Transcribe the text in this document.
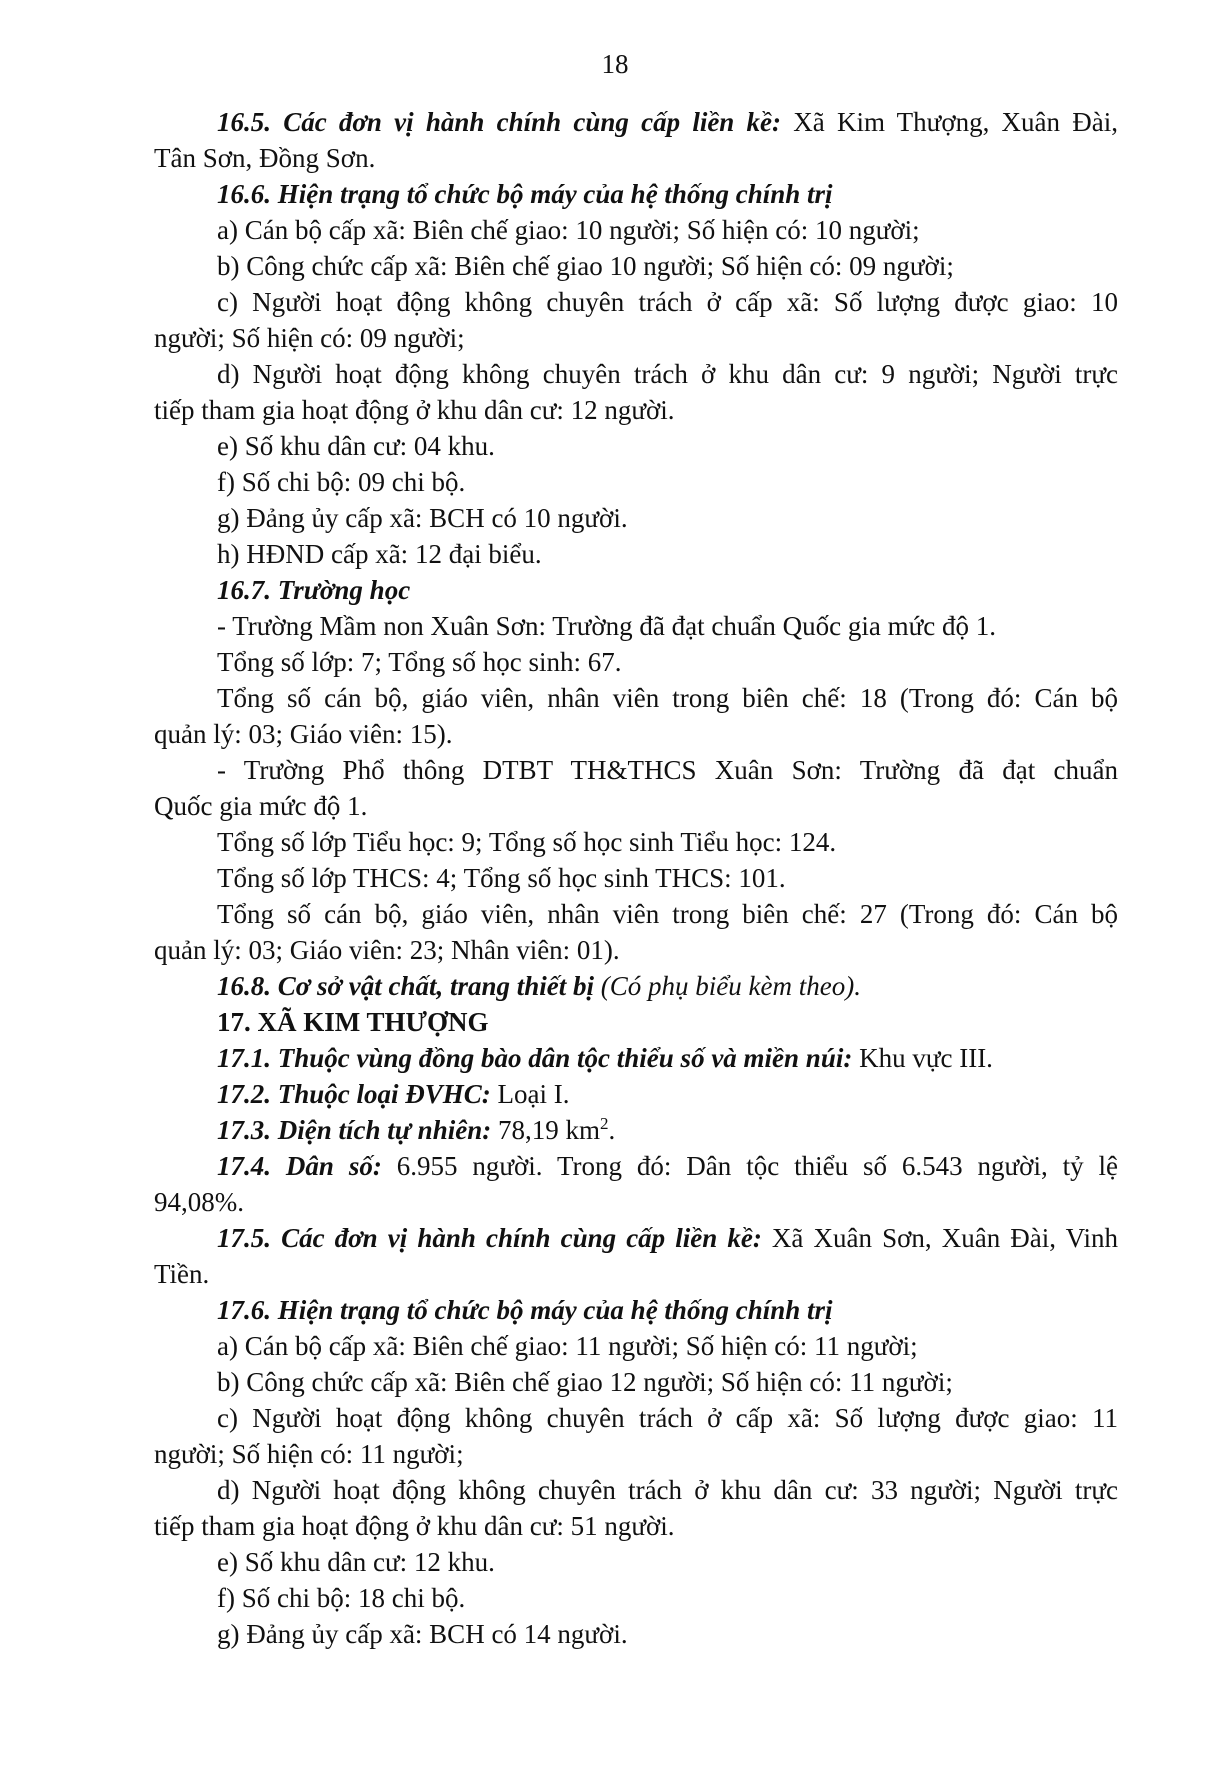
18
16.5. Các đơn vị hành chính cùng cấp liền kề: Xã Kim Thượng, Xuân Đài,
Tân Sơn, Đồng Sơn.
16.6. Hiện trạng tổ chức bộ máy của hệ thống chính trị
a) Cán bộ cấp xã: Biên chế giao: 10 người; Số hiện có: 10 người;
b) Công chức cấp xã: Biên chế giao 10 người; Số hiện có: 09 người;
c) Người hoạt động không chuyên trách ở cấp xã: Số lượng được giao: 10
người; Số hiện có: 09 người;
d) Người hoạt động không chuyên trách ở khu dân cư: 9 người; Người trực
tiếp tham gia hoạt động ở khu dân cư: 12 người.
e) Số khu dân cư: 04 khu.
f) Số chi bộ: 09 chi bộ.
g) Đảng ủy cấp xã: BCH có 10 người.
h) HĐND cấp xã: 12 đại biểu.
16.7. Trường học
- Trường Mầm non Xuân Sơn: Trường đã đạt chuẩn Quốc gia mức độ 1.
Tổng số lớp: 7; Tổng số học sinh: 67.
Tổng số cán bộ, giáo viên, nhân viên trong biên chế: 18 (Trong đó: Cán bộ
quản lý: 03; Giáo viên: 15).
- Trường Phổ thông DTBT TH&THCS Xuân Sơn: Trường đã đạt chuẩn
Quốc gia mức độ 1.
Tổng số lớp Tiểu học: 9; Tổng số học sinh Tiểu học: 124.
Tổng số lớp THCS: 4; Tổng số học sinh THCS: 101.
Tổng số cán bộ, giáo viên, nhân viên trong biên chế: 27 (Trong đó: Cán bộ
quản lý: 03; Giáo viên: 23; Nhân viên: 01).
16.8. Cơ sở vật chất, trang thiết bị (Có phụ biểu kèm theo).
17. XÃ KIM THƯỢNG
17.1. Thuộc vùng đồng bào dân tộc thiểu số và miền núi: Khu vực III.
17.2. Thuộc loại ĐVHC: Loại I.
17.3. Diện tích tự nhiên: 78,19 $km^2$.
17.4. Dân số: 6.955 người. Trong đó: Dân tộc thiểu số 6.543 người, tỷ lệ
94,08%.
17.5. Các đơn vị hành chính cùng cấp liền kề: Xã Xuân Sơn, Xuân Đài, Vinh
Tiền.
17.6. Hiện trạng tổ chức bộ máy của hệ thống chính trị
a) Cán bộ cấp xã: Biên chế giao: 11 người; Số hiện có: 11 người;
b) Công chức cấp xã: Biên chế giao 12 người; Số hiện có: 11 người;
c) Người hoạt động không chuyên trách ở cấp xã: Số lượng được giao: 11
người; Số hiện có: 11 người;
d) Người hoạt động không chuyên trách ở khu dân cư: 33 người; Người trực
tiếp tham gia hoạt động ở khu dân cư: 51 người.
e) Số khu dân cư: 12 khu.
f) Số chi bộ: 18 chi bộ.
g) Đảng ủy cấp xã: BCH có 14 người.
